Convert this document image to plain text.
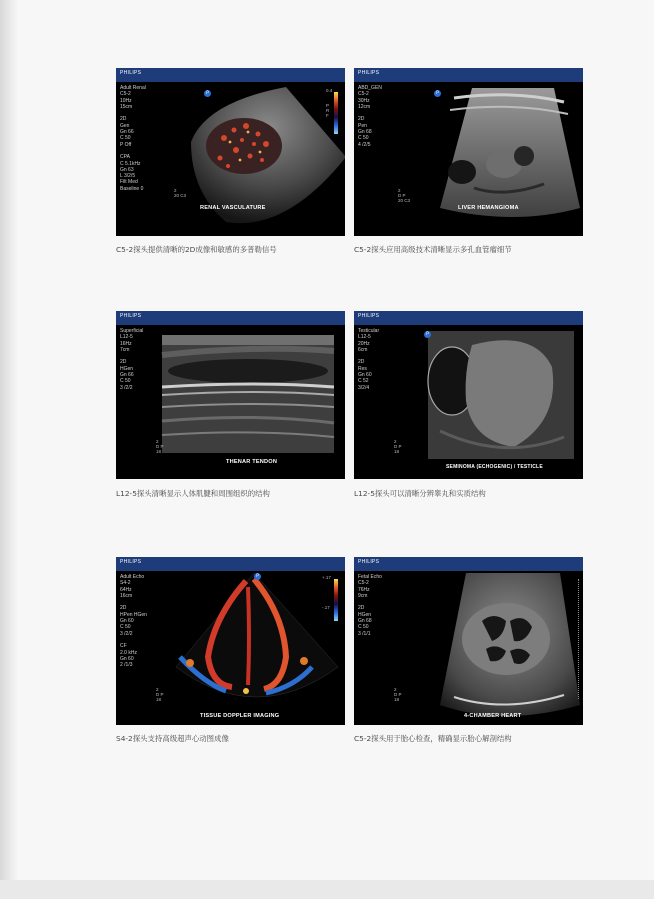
PHILIPS
Adult Renal
C5-2
10Hz
15cm

2D
Gen
Gn 66
C 50
P Off

CPA
C 5.1kHz
Gn 63
L 3/2/5
Filt Med
Baseline 0
P
0.4

P
R
F
2
20 C3
RENAL VASCULATURE
C5-2探头提供清晰的2D成像和敏感的多普勒信号
PHILIPS
ABD_GEN
C5-2
30Hz
12cm

2D
Pen
Gn 68
C 50
4 /2/5
P
2
D P
20 C3
LIVER HEMANGIOMA
C5-2探头应用高级技术清晰显示多孔血管瘤细节
PHILIPS
Superficial
L12-5
16Hz
7cm

2D
HGen
Gn 66
C 50
3 /2/2
2
D P
18
THENAR TENDON
L12-5探头清晰显示人体肌腱和周围组织的结构
PHILIPS
Testicular
L12-5
20Hz
6cm

2D
Res
Gn 60
C 52
3/2/4
P
2
D P
18
SEMINOMA (ECHOGENIC) / TESTICLE
L12-5探头可以清晰分辨睾丸和实质结构
PHILIPS
Adult Echo
S4-2
64Hz
16cm

2D
HPen HGen
Gn 60
C 50
3 /2/2

CF
2.0 kHz
Gn 60
2 /1/3
P	+.17

-.17
2
D P
18
TISSUE DOPPLER IMAGING
S4-2探头支持高级超声心动图成像
PHILIPS
Fetal Echo
C5-2
76Hz
9cm

2D
HGen
Gn 68
C 50
3 /1/1
2
D P
18
4-CHAMBER HEART
C5-2探头用于胎心检查，精确显示胎心解剖结构
